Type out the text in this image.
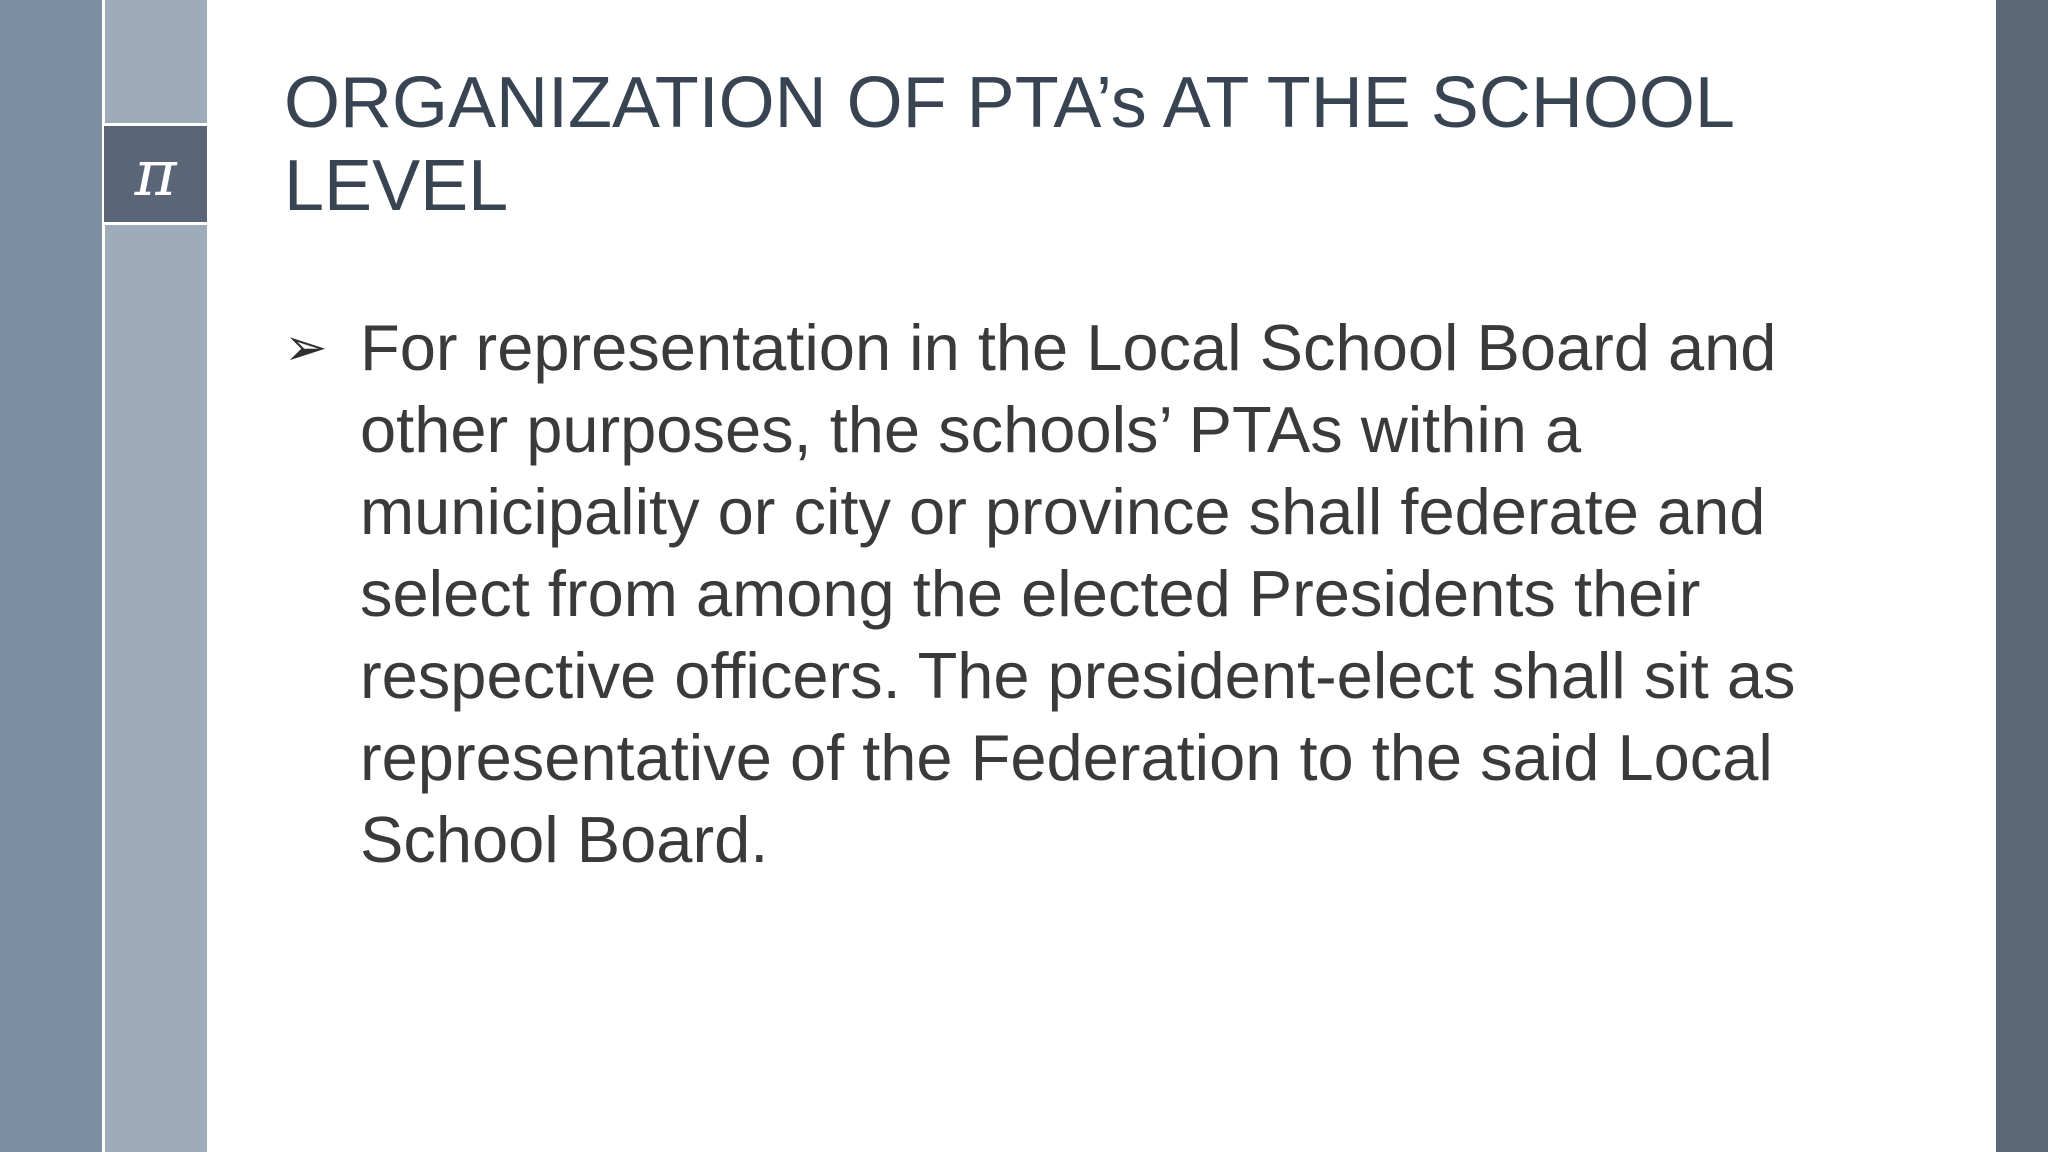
π
ORGANIZATION OF PTA’s AT THE SCHOOL LEVEL
➢ For representation in the Local School Board and other purposes, the schools’ PTAs within a municipality or city or province shall federate and select from among the elected Presidents their respective officers. The president-elect shall sit as representative of the Federation to the said Local School Board.
